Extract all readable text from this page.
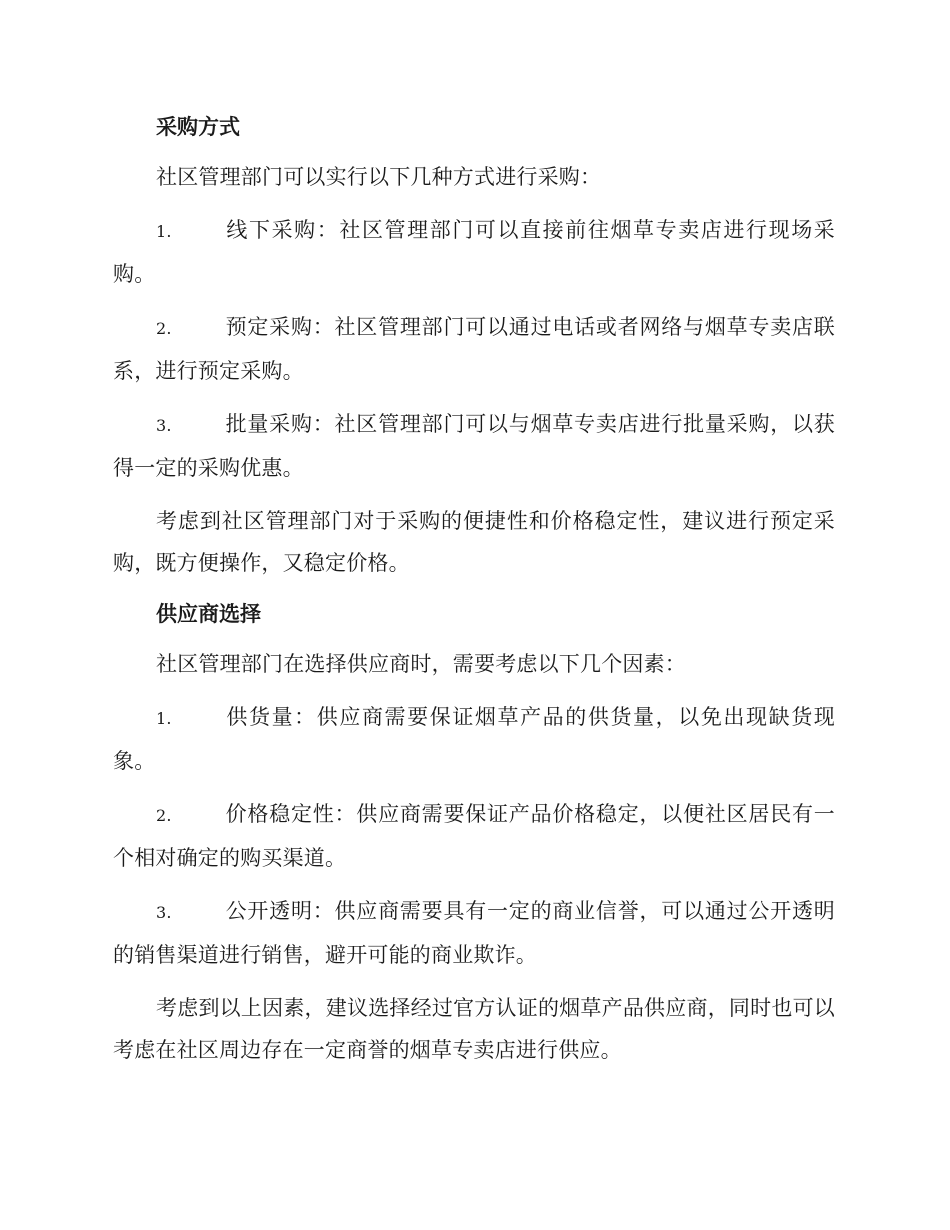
采购方式

社区管理部门可以实行以下几种方式进行采购：

1.	线下采购：社区管理部门可以直接前往烟草专卖店进行现场采购。

2.	预定采购：社区管理部门可以通过电话或者网络与烟草专卖店联系，进行预定采购。

3.	批量采购：社区管理部门可以与烟草专卖店进行批量采购，以获得一定的采购优惠。

考虑到社区管理部门对于采购的便捷性和价格稳定性，建议进行预定采购，既方便操作，又稳定价格。

供应商选择

社区管理部门在选择供应商时，需要考虑以下几个因素：

1.	供货量：供应商需要保证烟草产品的供货量，以免出现缺货现象。

2.	价格稳定性：供应商需要保证产品价格稳定，以便社区居民有一个相对确定的购买渠道。

3.	公开透明：供应商需要具有一定的商业信誉，可以通过公开透明的销售渠道进行销售，避开可能的商业欺诈。

考虑到以上因素，建议选择经过官方认证的烟草产品供应商，同时也可以考虑在社区周边存在一定商誉的烟草专卖店进行供应。
